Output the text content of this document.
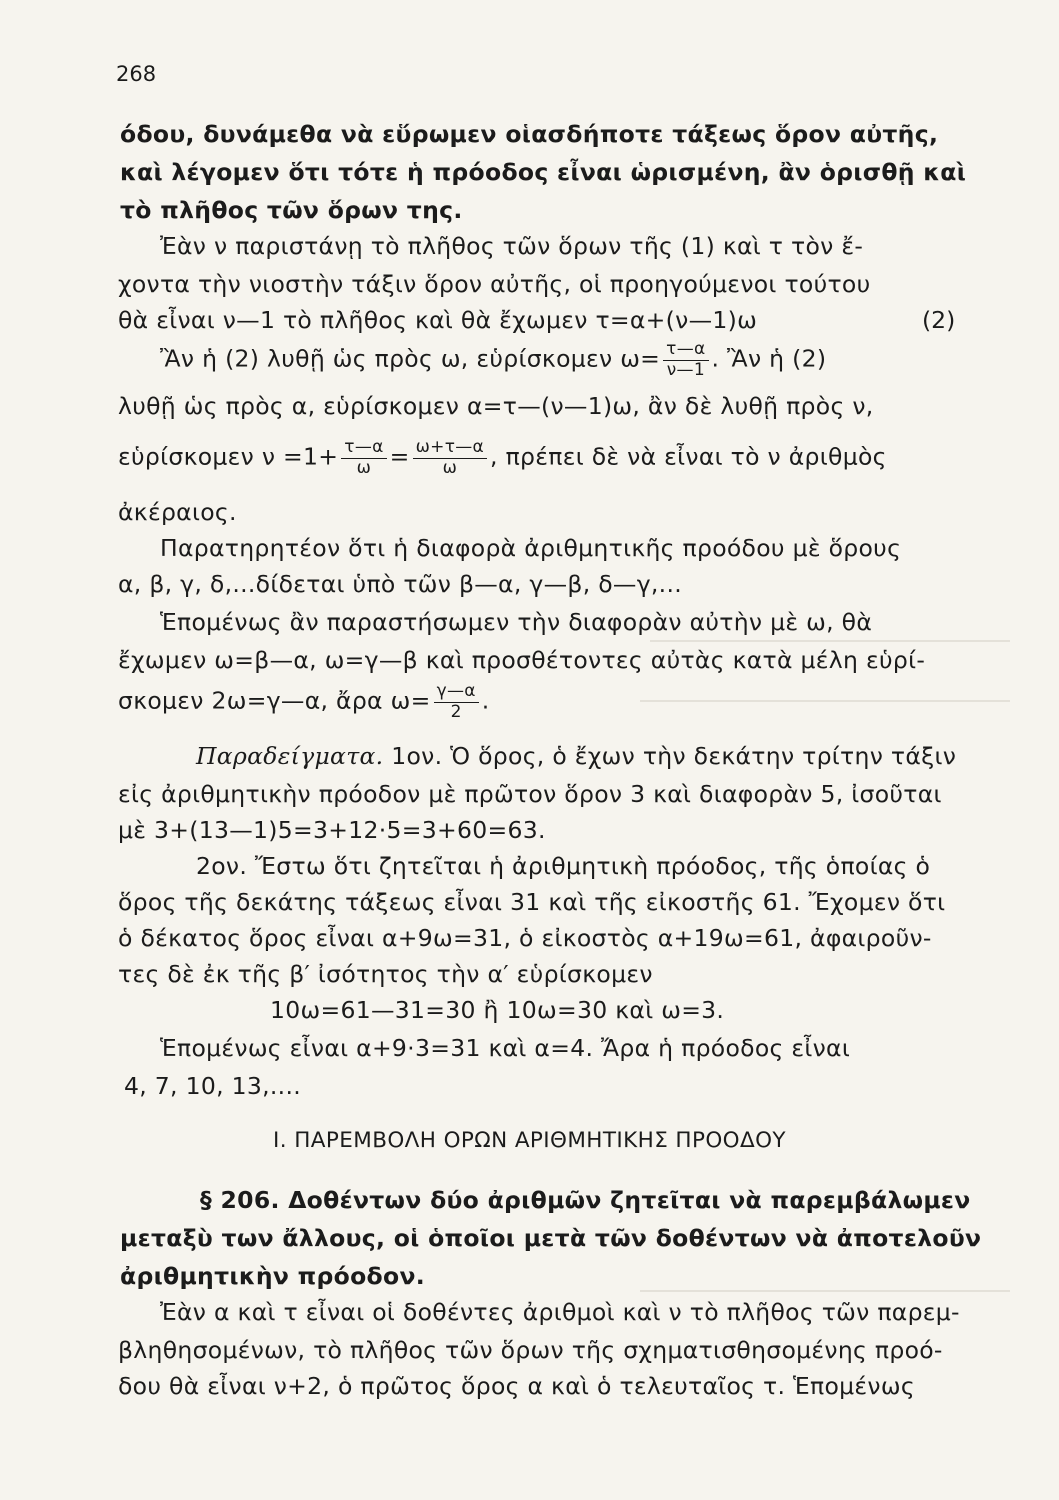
268
όδου, δυνάμεθα νὰ εὕρωμεν οἱασδήποτε τάξεως ὅρον αὐτῆς,
καὶ λέγομεν ὅτι τότε ἡ πρόοδος εἶναι ὡρισμένη, ἂν ὁρισθῇ καὶ
τὸ πλῆθος τῶν ὅρων της.
Ἐὰν ν παριστάνῃ τὸ πλῆθος τῶν ὅρων τῆς (1) καὶ τ τὸν ἔ-
χοντα τὴν νιοστὴν τάξιν ὅρον αὐτῆς, οἱ προηγούμενοι τούτου
θὰ εἶναι ν—1 τὸ πλῆθος καὶ θὰ ἔχωμεν τ=α+(ν—1)ω	(2)
Ἂν ἡ (2) λυθῇ ὡς πρὸς ω, εὑρίσκομεν $\omega= \frac{\tau—\alpha}{\nu—1}$ . Ἂν ἡ (2)
λυθῇ ὡς πρὸς α, εὑρίσκομεν α=τ—(ν—1)ω, ἂν δὲ λυθῇ πρὸς ν,
εὑρίσκομεν $\nu =1+ \frac{\tau—\alpha}{\omega} = \frac{\omega+\tau—\alpha}{\omega}$ , πρέπει δὲ νὰ εἶναι τὸ ν ἀριθμὸς
ἀκέραιος.
Παρατηρητέον ὅτι ἡ διαφορὰ ἀριθμητικῆς προόδου μὲ ὅρους
α, β, γ, δ,...δίδεται ὑπὸ τῶν β—α, γ—β, δ—γ,...
Ἑπομένως ἂν παραστήσωμεν τὴν διαφορὰν αὐτὴν μὲ ω, θὰ
ἔχωμεν ω=β—α, ω=γ—β καὶ προσθέτοντες αὐτὰς κατὰ μέλη εὑρί-
σκομεν 2ω=γ—α, ἄρα $\omega= \frac{\gamma—\alpha}{2}$ .
Παραδείγματα. 1ον. Ὁ ὅρος, ὁ ἔχων τὴν δεκάτην τρίτην τάξιν
εἰς ἀριθμητικὴν πρόοδον μὲ πρῶτον ὅρον 3 καὶ διαφορὰν 5, ἰσοῦται
μὲ 3+(13—1)5=3+12·5=3+60=63.
2ον. Ἔστω ὅτι ζητεῖται ἡ ἀριθμητικὴ πρόοδος, τῆς ὁποίας ὁ
ὅρος τῆς δεκάτης τάξεως εἶναι 31 καὶ τῆς εἰκοστῆς 61. Ἔχομεν ὅτι
ὁ δέκατος ὅρος εἶναι α+9ω=31, ὁ εἰκοστὸς α+19ω=61, ἀφαιροῦν-
τες δὲ ἐκ τῆς β′ ἰσότητος τὴν α′ εὑρίσκομεν
10ω=61—31=30 ἢ 10ω=30 καὶ ω=3.
Ἑπομένως εἶναι α+9·3=31 καὶ α=4. Ἄρα ἡ πρόοδος εἶναι
4, 7, 10, 13,....
I. ΠΑΡΕΜΒΟΛΗ ΟΡΩΝ ΑΡΙΘΜΗΤΙΚΗΣ ΠΡΟΟΔΟΥ
§ 206. Δοθέντων δύο ἀριθμῶν ζητεῖται νὰ παρεμβάλωμεν
μεταξὺ των ἄλλους, οἱ ὁποῖοι μετὰ τῶν δοθέντων νὰ ἀποτελοῦν
ἀριθμητικὴν πρόοδον.
Ἐὰν α καὶ τ εἶναι οἱ δοθέντες ἀριθμοὶ καὶ ν τὸ πλῆθος τῶν παρεμ-
βληθησομένων, τὸ πλῆθος τῶν ὅρων τῆς σχηματισθησομένης προό-
δου θὰ εἶναι ν+2, ὁ πρῶτος ὅρος α καὶ ὁ τελευταῖος τ. Ἑπομένως
